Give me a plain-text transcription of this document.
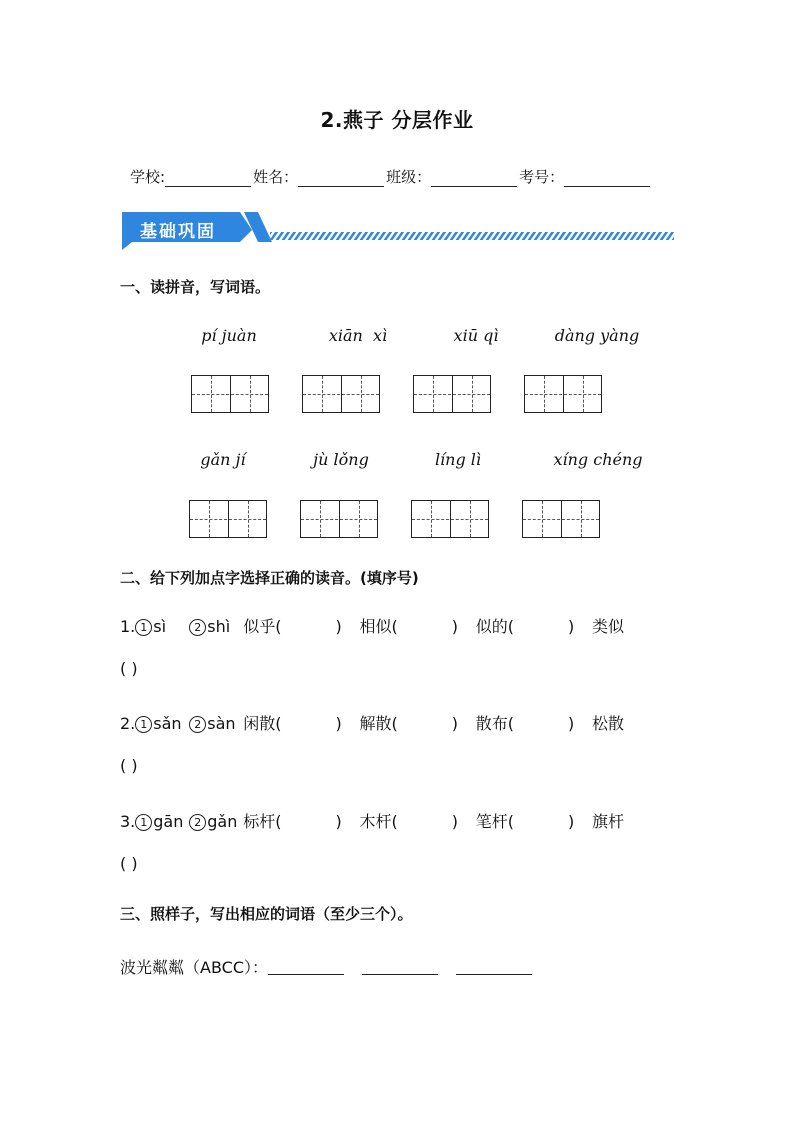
2.燕子 分层作业
学校:	姓名：	班级：	考号：
基础巩固
一、读拼音，写词语。
pí juàn	xiān  xì	xiū qì	dàng yàng
gǎn jí	jù lǒng	líng lì	xíng chéng
二、给下列加点字选择正确的读音。(填序号)
1. 1 sì	2 shì 似乎(	) 相似(	) 似的(	) 类似
( )
2. 1 sǎn 2 sàn 闲散(	) 解散(	) 散布(	) 松散
( )
3. 1 gān 2 gǎn 标杆(	) 木杆(	) 笔杆(	) 旗杆
( )
三、照样子，写出相应的词语（至少三个）。
波光粼粼（ABCC）：
